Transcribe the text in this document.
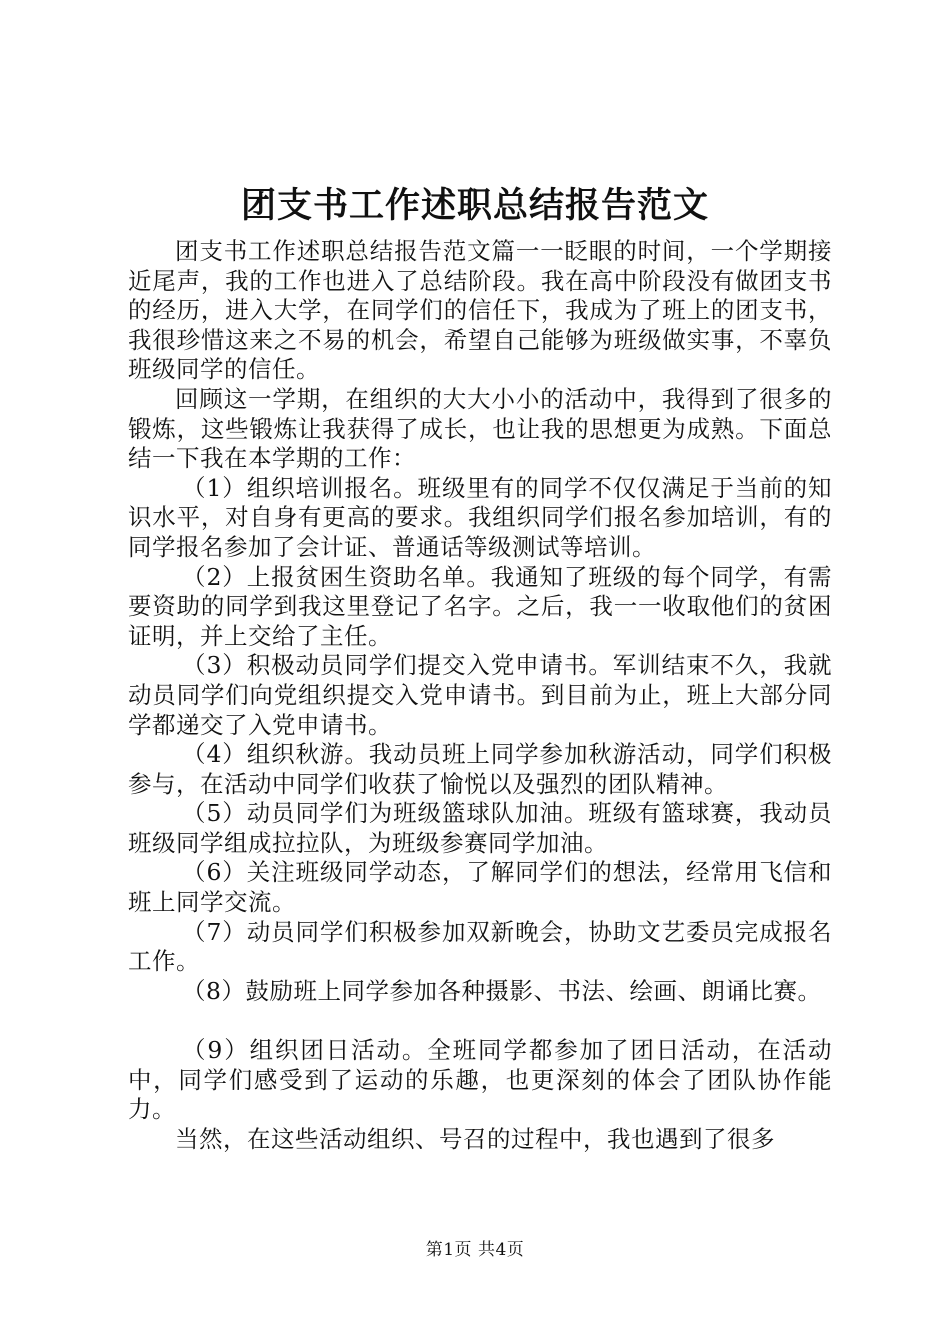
团支书工作述职总结报告范文

团支书工作述职总结报告范文篇一一眨眼的时间，一个学期接近尾声，我的工作也进入了总结阶段。我在高中阶段没有做团支书的经历，进入大学，在同学们的信任下，我成为了班上的团支书，我很珍惜这来之不易的机会，希望自己能够为班级做实事，不辜负班级同学的信任。

回顾这一学期，在组织的大大小小的活动中，我得到了很多的锻炼，这些锻炼让我获得了成长，也让我的思想更为成熟。下面总结一下我在本学期的工作：

（1）组织培训报名。班级里有的同学不仅仅满足于当前的知识水平，对自身有更高的要求。我组织同学们报名参加培训，有的同学报名参加了会计证、普通话等级测试等培训。

（2）上报贫困生资助名单。我通知了班级的每个同学，有需要资助的同学到我这里登记了名字。之后，我一一收取他们的贫困证明，并上交给了主任。

（3）积极动员同学们提交入党申请书。军训结束不久，我就动员同学们向党组织提交入党申请书。到目前为止，班上大部分同学都递交了入党申请书。

（4）组织秋游。我动员班上同学参加秋游活动，同学们积极参与，在活动中同学们收获了愉悦以及强烈的团队精神。

（5）动员同学们为班级篮球队加油。班级有篮球赛，我动员班级同学组成拉拉队，为班级参赛同学加油。

（6）关注班级同学动态，了解同学们的想法，经常用飞信和班上同学交流。

（7）动员同学们积极参加双新晚会，协助文艺委员完成报名工作。

（8）鼓励班上同学参加各种摄影、书法、绘画、朗诵比赛。

（9）组织团日活动。全班同学都参加了团日活动，在活动中，同学们感受到了运动的乐趣，也更深刻的体会了团队协作能力。

当然，在这些活动组织、号召的过程中，我也遇到了很多

第1页 共4页
